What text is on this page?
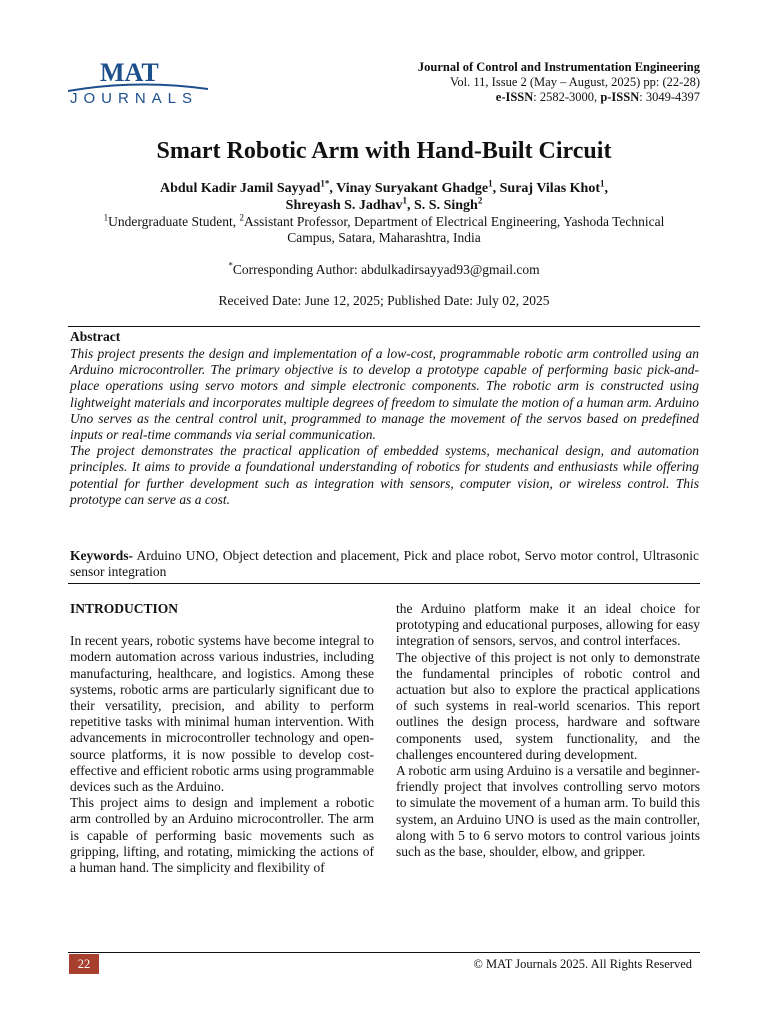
MAT
JOURNALS
Journal of Control and Instrumentation Engineering
Vol. 11, Issue 2 (May – August, 2025) pp: (22-28)
e-ISSN: 2582-3000, p-ISSN: 3049-4397
Smart Robotic Arm with Hand-Built Circuit
Abdul Kadir Jamil Sayyad$^{1*}$, Vinay Suryakant Ghadge$^1$, Suraj Vilas Khot$^1$,
Shreyash S. Jadhav$^1$, S. S. Singh$^2$
$^1$Undergraduate Student, $^2$Assistant Professor, Department of Electrical Engineering, Yashoda Technical Campus, Satara, Maharashtra, India
*Corresponding Author: abdulkadirsayyad93@gmail.com
Received Date: June 12, 2025; Published Date: July 02, 2025
Abstract

This project presents the design and implementation of a low-cost, programmable robotic arm controlled using an Arduino microcontroller. The primary objective is to develop a prototype capable of performing basic pick-and-place operations using servo motors and simple electronic components. The robotic arm is constructed using lightweight materials and incorporates multiple degrees of freedom to simulate the motion of a human arm. Arduino Uno serves as the central control unit, programmed to manage the movement of the servos based on predefined inputs or real-time commands via serial communication.

The project demonstrates the practical application of embedded systems, mechanical design, and automation principles. It aims to provide a foundational understanding of robotics for students and enthusiasts while offering potential for further development such as integration with sensors, computer vision, or wireless control. This prototype can serve as a cost.

Keywords- Arduino UNO, Object detection and placement, Pick and place robot, Servo motor control, Ultrasonic sensor integration

INTRODUCTION

In recent years, robotic systems have become integral to modern automation across various industries, including manufacturing, healthcare, and logistics. Among these systems, robotic arms are particularly significant due to their versatility, precision, and ability to perform repetitive tasks with minimal human intervention. With advancements in microcontroller technology and open-source platforms, it is now possible to develop cost-effective and efficient robotic arms using programmable devices such as the Arduino.

This project aims to design and implement a robotic arm controlled by an Arduino microcontroller. The arm is capable of performing basic movements such as gripping, lifting, and rotating, mimicking the actions of a human hand. The simplicity and flexibility of

the Arduino platform make it an ideal choice for prototyping and educational purposes, allowing for easy integration of sensors, servos, and control interfaces.

The objective of this project is not only to demonstrate the fundamental principles of robotic control and actuation but also to explore the practical applications of such systems in real-world scenarios. This report outlines the design process, hardware and software components used, system functionality, and the challenges encountered during development.

A robotic arm using Arduino is a versatile and beginner-friendly project that involves controlling servo motors to simulate the movement of a human arm. To build this system, an Arduino UNO is used as the main controller, along with 5 to 6 servo motors to control various joints such as the base, shoulder, elbow, and gripper.

22	© MAT Journals 2025. All Rights Reserved
